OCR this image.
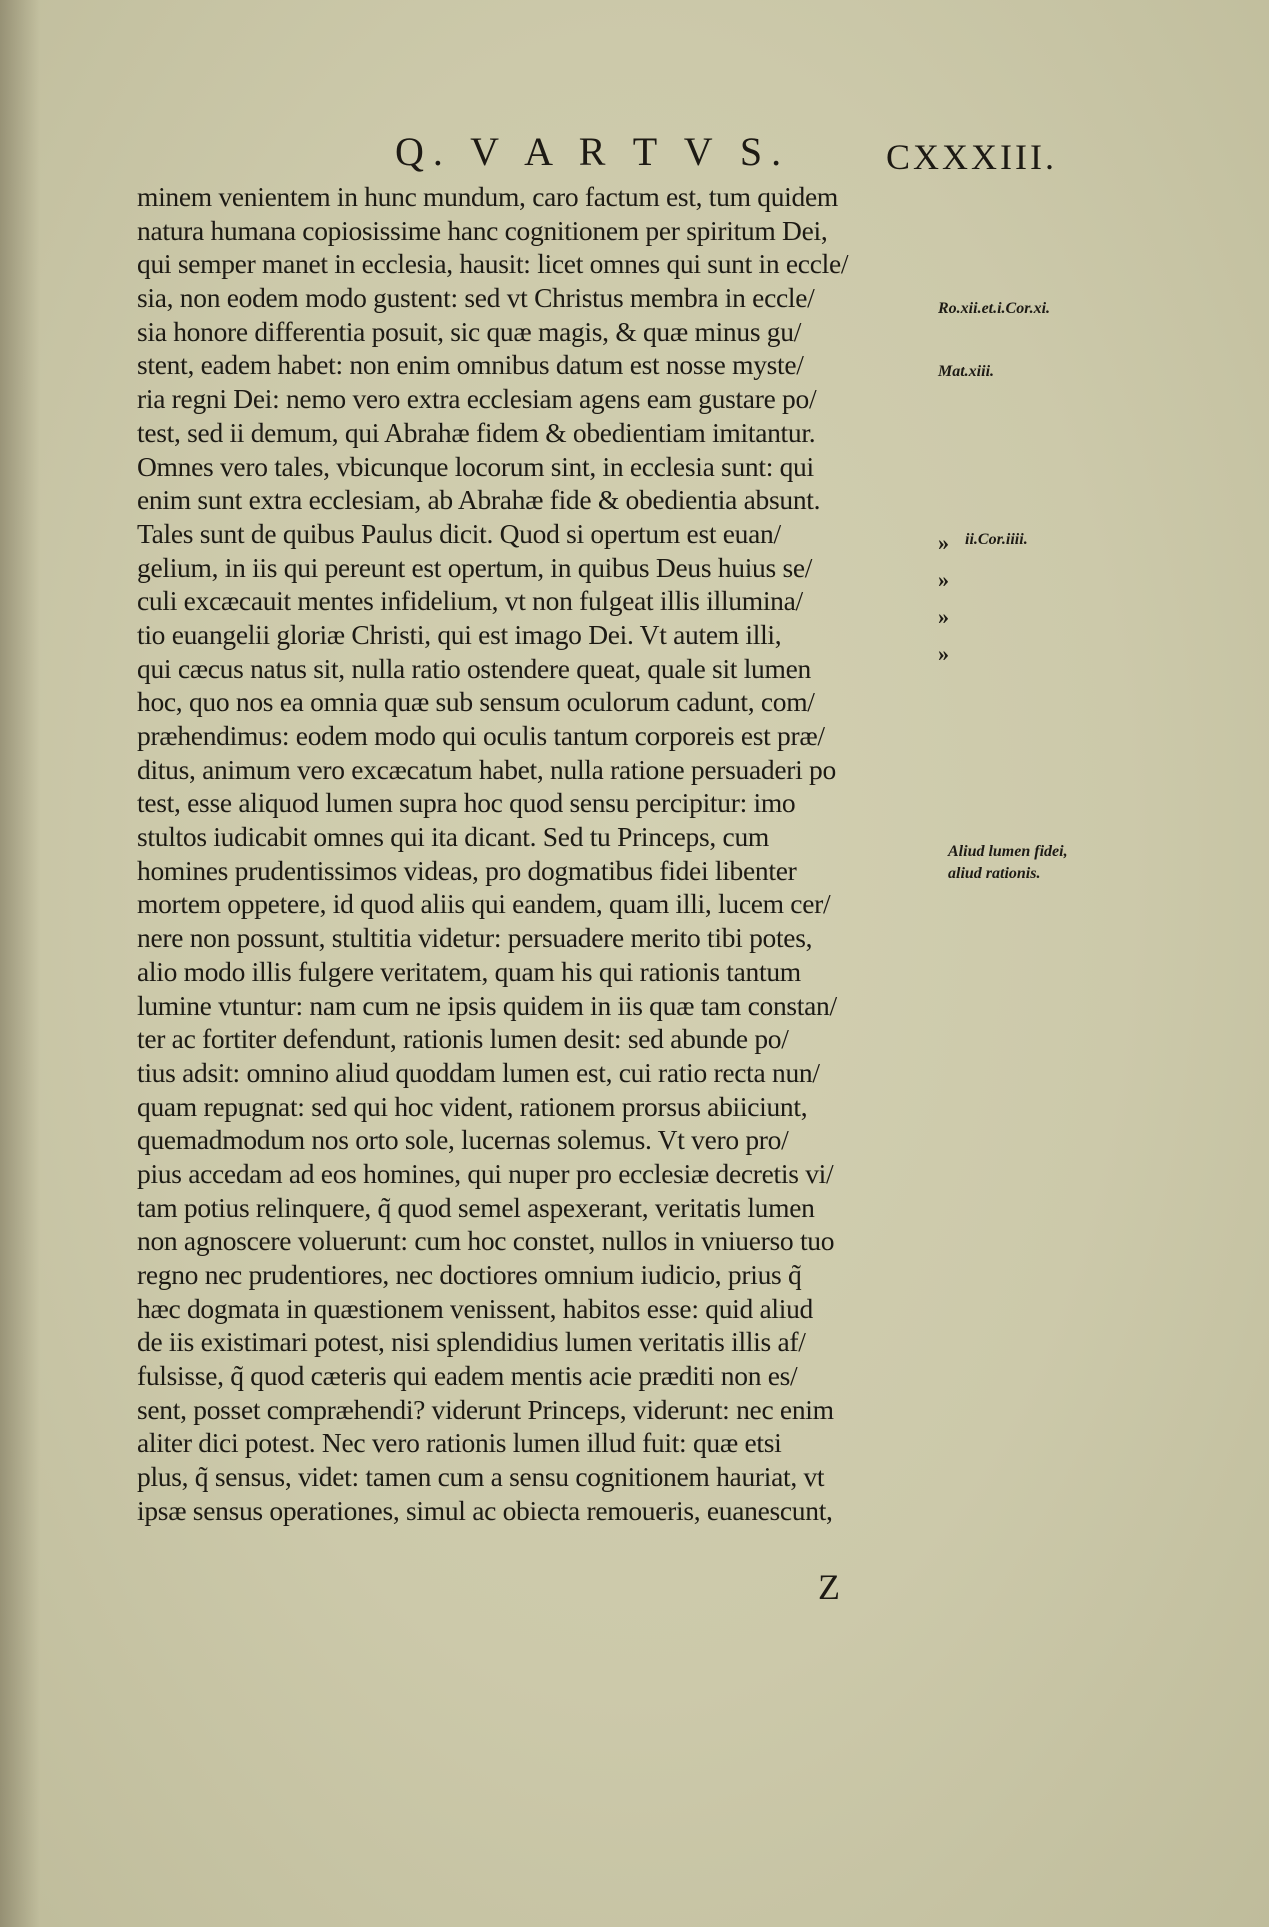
Q. V A R T V S.	CXXXIII.
minem venientem in hunc mundum, caro factum est, tum quidem
natura humana copiosissime hanc cognitionem per spiritum Dei,
qui semper manet in ecclesia, hausit: licet omnes qui sunt in eccle/
sia, non eodem modo gustent: sed vt Christus membra in eccle/
sia honore differentia posuit, sic quæ magis, & quæ minus gu/
stent, eadem habet: non enim omnibus datum est nosse myste/
ria regni Dei: nemo vero extra ecclesiam agens eam gustare po/
test, sed ii demum, qui Abrahæ fidem & obedientiam imitantur.
Omnes vero tales, vbicunque locorum sint, in ecclesia sunt: qui
enim sunt extra ecclesiam, ab Abrahæ fide & obedientia absunt.
Tales sunt de quibus Paulus dicit. Quod si opertum est euan/
gelium, in iis qui pereunt est opertum, in quibus Deus huius se/
culi excæcauit mentes infidelium, vt non fulgeat illis illumina/
tio euangelii gloriæ Christi, qui est imago Dei. Vt autem illi,
qui cæcus natus sit, nulla ratio ostendere queat, quale sit lumen
hoc, quo nos ea omnia quæ sub sensum oculorum cadunt, com/
præhendimus: eodem modo qui oculis tantum corporeis est præ/
ditus, animum vero excæcatum habet, nulla ratione persuaderi po
test, esse aliquod lumen supra hoc quod sensu percipitur: imo
stultos iudicabit omnes qui ita dicant. Sed tu Princeps, cum
homines prudentissimos videas, pro dogmatibus fidei libenter
mortem oppetere, id quod aliis qui eandem, quam illi, lucem cer/
nere non possunt, stultitia videtur: persuadere merito tibi potes,
alio modo illis fulgere veritatem, quam his qui rationis tantum
lumine vtuntur: nam cum ne ipsis quidem in iis quæ tam constan/
ter ac fortiter defendunt, rationis lumen desit: sed abunde po/
tius adsit: omnino aliud quoddam lumen est, cui ratio recta nun/
quam repugnat: sed qui hoc vident, rationem prorsus abiiciunt,
quemadmodum nos orto sole, lucernas solemus. Vt vero pro/
pius accedam ad eos homines, qui nuper pro ecclesiæ decretis vi/
tam potius relinquere, q̃ quod semel aspexerant, veritatis lumen
non agnoscere voluerunt: cum hoc constet, nullos in vniuerso tuo
regno nec prudentiores, nec doctiores omnium iudicio, prius q̃
hæc dogmata in quæstionem venissent, habitos esse: quid aliud
de iis existimari potest, nisi splendidius lumen veritatis illis af/
fulsisse, q̃ quod cæteris qui eadem mentis acie præditi non es/
sent, posset compræhendi? viderunt Princeps, viderunt: nec enim
aliter dici potest. Nec vero rationis lumen illud fuit: quæ etsi
plus, q̃ sensus, videt: tamen cum a sensu cognitionem hauriat, vt
ipsæ sensus operationes, simul ac obiecta remoueris, euanescunt,
Ro.xii.et.i.Cor.xi.
Mat.xiii.
ii.Cor.iiii.
Aliud lumen fidei,
aliud rationis.
»
»
»
»
Z
